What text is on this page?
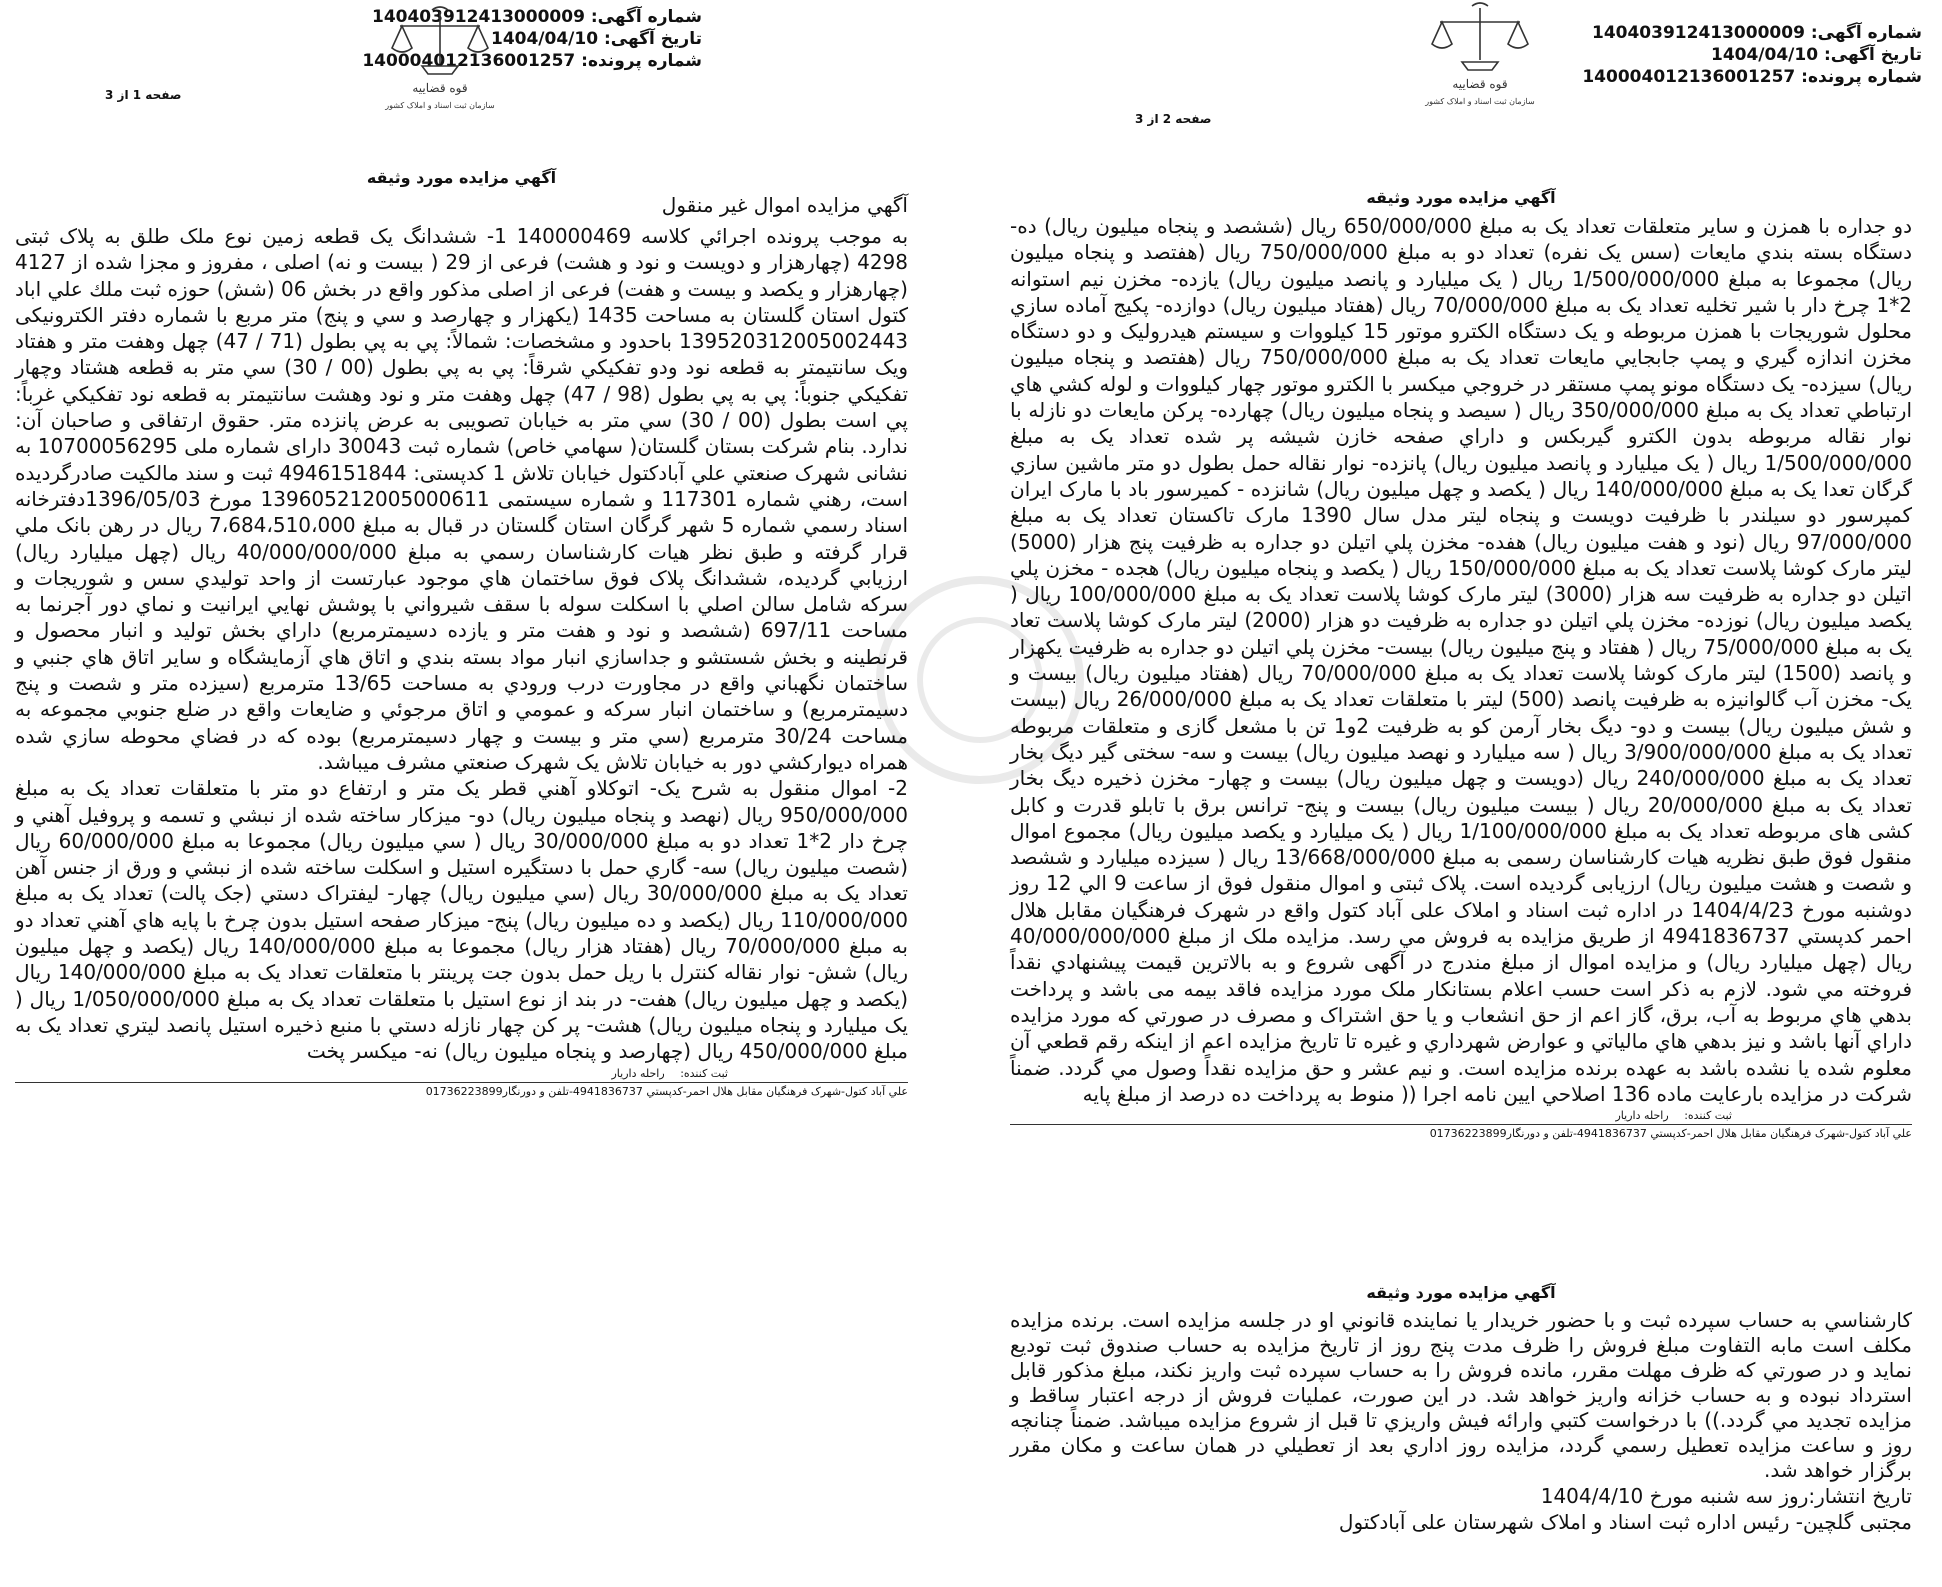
شماره آگهی: 140403912413000009
تاريخ آگهی: 1404/04/10
شماره پرونده: 140004012136001257
صفحه 1 از 3	قوه قضاییه
سازمان ثبت اسناد و املاک کشور
آگهي مزايده مورد وثيقه
آگهي مزايده اموال غير منقول

به موجب پرونده اجرائي كلاسه 140000469 1- ششدانگ يک قطعه زمين نوع ملک طلق به پلاک ثبتی 4298 (چهارهزار و دويست و نود و هشت) فرعی از 29 ( بيست و نه) اصلی ، مفروز و مجزا شده از 4127 (چهارهزار و يکصد و بيست و هفت) فرعی از اصلی مذکور واقع در بخش 06 (شش) حوزه ثبت ملك علي اباد كتول استان گلستان به مساحت 1435 (يكهزار و چهارصد و سي و پنج) متر مربع با شماره دفتر الكترونيكی 139520312005002443 باحدود و مشخصات: شمالاً: پي به پي بطول (71 / 47) چهل وهفت متر و هفتاد ويک سانتيمتر به قطعه نود ودو تفكيكي شرقاً: پي به پي بطول (00 / 30) سي متر به قطعه هشتاد وچهار تفكيكي جنوباً: پي به پي بطول (98 / 47) چهل وهفت متر و نود وهشت سانتيمتر به قطعه نود تفكيكي غرباً: پي است بطول (00 / 30) سي متر به خيابان تصويبی به عرض پانزده متر. حقوق ارتفاقی و صاحبان آن: ندارد. بنام شركت بستان گلستان( سهامي خاص) شماره ثبت 30043 دارای شماره ملی 10700056295 به نشانی شهرک صنعتي علي آبادكتول خيابان تلاش 1 كدپستی: 4946151844 ثبت و سند مالكيت صادرگرديده است، رهني شماره 117301 و شماره سيستمی 139605212005000611 مورخ 1396/05/03دفترخانه اسناد رسمي شماره 5 شهر گرگان استان گلستان در قبال به مبلغ 7،684،510،000 ريال در رهن بانک ملي قرار گرفته و طبق نظر هيات كارشناسان رسمي به مبلغ 40/000/000/000 ريال (چهل ميليارد ريال) ارزيابي گرديده، ششدانگ پلاک فوق ساختمان هاي موجود عبارتست از واحد توليدي سس و شوريجات و سركه شامل سالن اصلي با اسكلت سوله با سقف شيرواني با پوشش نهايي ايرانيت و نماي دور آجرنما به مساحت 697/11 (ششصد و نود و هفت متر و يازده دسيمترمربع) داراي بخش توليد و انبار محصول و قرنطينه و بخش شستشو و جداسازي انبار مواد بسته بندي و اتاق هاي آزمايشگاه و ساير اتاق هاي جنبي و ساختمان نگهباني واقع در مجاورت درب ورودي به مساحت 13/65 مترمربع (سيزده متر و شصت و پنج دسيمترمربع) و ساختمان انبار سركه و عمومي و اتاق مرجوئي و ضايعات واقع در ضلع جنوبي مجموعه به مساحت 30/24 مترمربع (سي متر و بيست و چهار دسيمترمربع) بوده كه در فضاي محوطه سازي شده همراه ديواركشي دور به خيابان تلاش يک شهرک صنعتي مشرف ميباشد.
2- اموال منقول به شرح يک- اتوكلاو آهني قطر يک متر و ارتفاع دو متر با متعلقات تعداد يک به مبلغ 950/000/000 ريال (نهصد و پنجاه ميليون ريال) دو- ميزكار ساخته شده از نبشي و تسمه و پروفيل آهني و چرخ دار 2*1 تعداد دو به مبلغ 30/000/000 ريال ( سي ميليون ريال) مجموعا به مبلغ 60/000/000 ريال (شصت ميليون ريال) سه- گاري حمل با دستگيره استيل و اسكلت ساخته شده از نبشي و ورق از جنس آهن تعداد يک به مبلغ 30/000/000 ريال (سي ميليون ريال) چهار- ليفتراک دستي (جک پالت) تعداد يک به مبلغ 110/000/000 ريال (يكصد و ده ميليون ريال) پنج- ميزكار صفحه استيل بدون چرخ با پايه هاي آهني تعداد دو به مبلغ 70/000/000 ريال (هفتاد هزار ريال) مجموعا به مبلغ 140/000/000 ريال (يكصد و چهل ميليون ريال) شش- نوار نقاله كنترل با ريل حمل بدون جت پرينتر با متعلقات تعداد يک به مبلغ 140/000/000 ريال (يكصد و چهل ميليون ريال) هفت- در بند از نوع استيل با متعلقات تعداد يک به مبلغ 1/050/000/000 ريال ( يک ميليارد و پنجاه ميليون ريال) هشت- پر كن چهار نازله دستي با منبع ذخيره استيل پانصد ليتري تعداد يک به مبلغ 450/000/000 ريال (چهارصد و پنجاه ميليون ريال) نه- ميكسر پخت

ثبت كننده: راحله داريار
علي آباد كتول-شهرک فرهنگيان مقابل هلال احمر-كدپستي 4941836737-تلفن و دورنگار01736223899
شماره آگهی: 140403912413000009
تاريخ آگهی: 1404/04/10
شماره پرونده: 140004012136001257
صفحه 2 از 3
قوه قضاییه
سازمان ثبت اسناد و املاک کشور
آگهي مزايده مورد وثيقه

دو جداره با همزن و ساير متعلقات تعداد يک به مبلغ 650/000/000 ريال (ششصد و پنجاه ميليون ريال) ده- دستگاه بسته بندي مايعات (سس يک نفره) تعداد دو به مبلغ 750/000/000 ريال (هفتصد و پنجاه ميليون ريال) مجموعا به مبلغ 1/500/000/000 ريال ( يک ميليارد و پانصد ميليون ريال) يازده- مخزن نيم استوانه 2*1 چرخ دار با شير تخليه تعداد يک به مبلغ 70/000/000 ريال (هفتاد ميليون ريال) دوازده- پكيج آماده سازي محلول شوريجات با همزن مربوطه و يک دستگاه الكترو موتور 15 كيلووات و سيستم هيدروليک و دو دستگاه مخزن اندازه گيري و پمپ جابجايي مايعات تعداد يک به مبلغ 750/000/000 ريال (هفتصد و پنجاه ميليون ريال) سيزده- يک دستگاه مونو پمپ مستقر در خروجي ميكسر با الكترو موتور چهار كيلووات و لوله كشي هاي ارتباطي تعداد يک به مبلغ 350/000/000 ريال ( سيصد و پنجاه ميليون ريال) چهارده- پركن مايعات دو نازله با نوار نقاله مربوطه بدون الكترو گيربكس و داراي صفحه خازن شيشه پر شده تعداد يک به مبلغ 1/500/000/000 ريال ( يک ميليارد و پانصد ميليون ريال) پانزده- نوار نقاله حمل بطول دو متر ماشين سازي گرگان تعدا يک به مبلغ 140/000/000 ريال ( يكصد و چهل ميليون ريال) شانزده - كميرسور باد با مارک ايران كمپرسور دو سيلندر با ظرفيت دويست و پنجاه ليتر مدل سال 1390 مارک تاكستان تعداد يک به مبلغ 97/000/000 ريال (نود و هفت ميليون ريال) هفده- مخزن پلي اتيلن دو جداره به ظرفيت پنج هزار (5000) ليتر مارک كوشا پلاست تعداد يک به مبلغ 150/000/000 ريال ( يكصد و پنجاه ميليون ريال) هجده - مخزن پلي اتيلن دو جداره به ظرفيت سه هزار (3000) ليتر مارک كوشا پلاست تعداد يک به مبلغ 100/000/000 ريال ( يكصد ميليون ريال) نوزده- مخزن پلي اتيلن دو جداره به ظرفيت دو هزار (2000) ليتر مارک كوشا پلاست تعاد يک به مبلغ 75/000/000 ريال ( هفتاد و پنج ميليون ريال) بيست- مخزن پلي اتيلن دو جداره به ظرفيت يكهزار و پانصد (1500) ليتر مارک كوشا پلاست تعداد يک به مبلغ 70/000/000 ريال (هفتاد ميليون ريال) بيست و يک- مخزن آب گالوانيزه به ظرفيت پانصد (500) ليتر با متعلقات تعداد يک به مبلغ 26/000/000 ريال (بيست و شش ميليون ريال) بيست و دو- ديگ بخار آرمن كو به ظرفيت 2و1 تن با مشعل گازی و متعلقات مربوطه تعداد يک به مبلغ 3/900/000/000 ريال ( سه ميليارد و نهصد ميليون ريال) بيست و سه- سختی گير ديگ بخار تعداد يک به مبلغ 240/000/000 ريال (دويست و چهل ميليون ريال) بيست و چهار- مخزن ذخيره ديگ بخار تعداد يک به مبلغ 20/000/000 ريال ( بيست ميليون ريال) بيست و پنج- ترانس برق با تابلو قدرت و كابل كشی های مربوطه تعداد يک به مبلغ 1/100/000/000 ريال ( يک ميليارد و يكصد ميليون ريال) مجموع اموال منقول فوق طبق نظريه هيات كارشناسان رسمی به مبلغ 13/668/000/000 ريال ( سيزده ميليارد و ششصد و شصت و هشت ميليون ريال) ارزيابی گرديده است. پلاک ثبتی و اموال منقول فوق از ساعت 9 الي 12 روز دوشنبه مورخ 1404/4/23 در اداره ثبت اسناد و املاک علی آباد كتول واقع در شهرک فرهنگيان مقابل هلال احمر كدپستي 4941836737 از طريق مزايده به فروش مي رسد. مزايده ملک از مبلغ 40/000/000/000 ريال (چهل ميليارد ريال) و مزايده اموال از مبلغ مندرج در آگهی شروع و به بالاترين قيمت پيشنهادي نقداً فروخته مي شود. لازم به ذكر است حسب اعلام بستانكار ملک مورد مزايده فاقد بيمه می باشد و پرداخت بدهي هاي مربوط به آب، برق، گاز اعم از حق انشعاب و يا حق اشتراک و مصرف در صورتي كه مورد مزايده داراي آنها باشد و نيز بدهي هاي مالياتي و عوارض شهرداري و غيره تا تاريخ مزايده اعم از اينكه رقم قطعي آن معلوم شده يا نشده باشد به عهده برنده مزايده است. و نيم عشر و حق مزايده نقداً وصول مي گردد. ضمناً شركت در مزايده بارعايت ماده 136 اصلاحي ايين نامه اجرا (( منوط به پرداخت ده درصد از مبلغ پايه

ثبت كننده: راحله داريار
علي آباد كتول-شهرک فرهنگيان مقابل هلال احمر-كدپستي 4941836737-تلفن و دورنگار01736223899
آگهي مزايده مورد وثيقه

كارشناسي به حساب سپرده ثبت و با حضور خريدار يا نماينده قانوني او در جلسه مزايده است. برنده مزايده مكلف است مابه التفاوت مبلغ فروش را ظرف مدت پنج روز از تاريخ مزايده به حساب صندوق ثبت توديع نمايد و در صورتي كه ظرف مهلت مقرر، مانده فروش را به حساب سپرده ثبت واريز نكند، مبلغ مذكور قابل استرداد نبوده و به حساب خزانه واريز خواهد شد. در اين صورت، عمليات فروش از درجه اعتبار ساقط و مزايده تجديد مي گردد.)) با درخواست كتبي وارائه فيش واريزي تا قبل از شروع مزايده ميباشد. ضمناً چنانچه روز و ساعت مزايده تعطيل رسمي گردد، مزايده روز اداري بعد از تعطيلي در همان ساعت و مكان مقرر برگزار خواهد شد.

تاريخ انتشار:روز سه شنبه مورخ 1404/4/10

مجتبی گلچين- رئيس اداره ثبت اسناد و املاک شهرستان علی آبادكتول
